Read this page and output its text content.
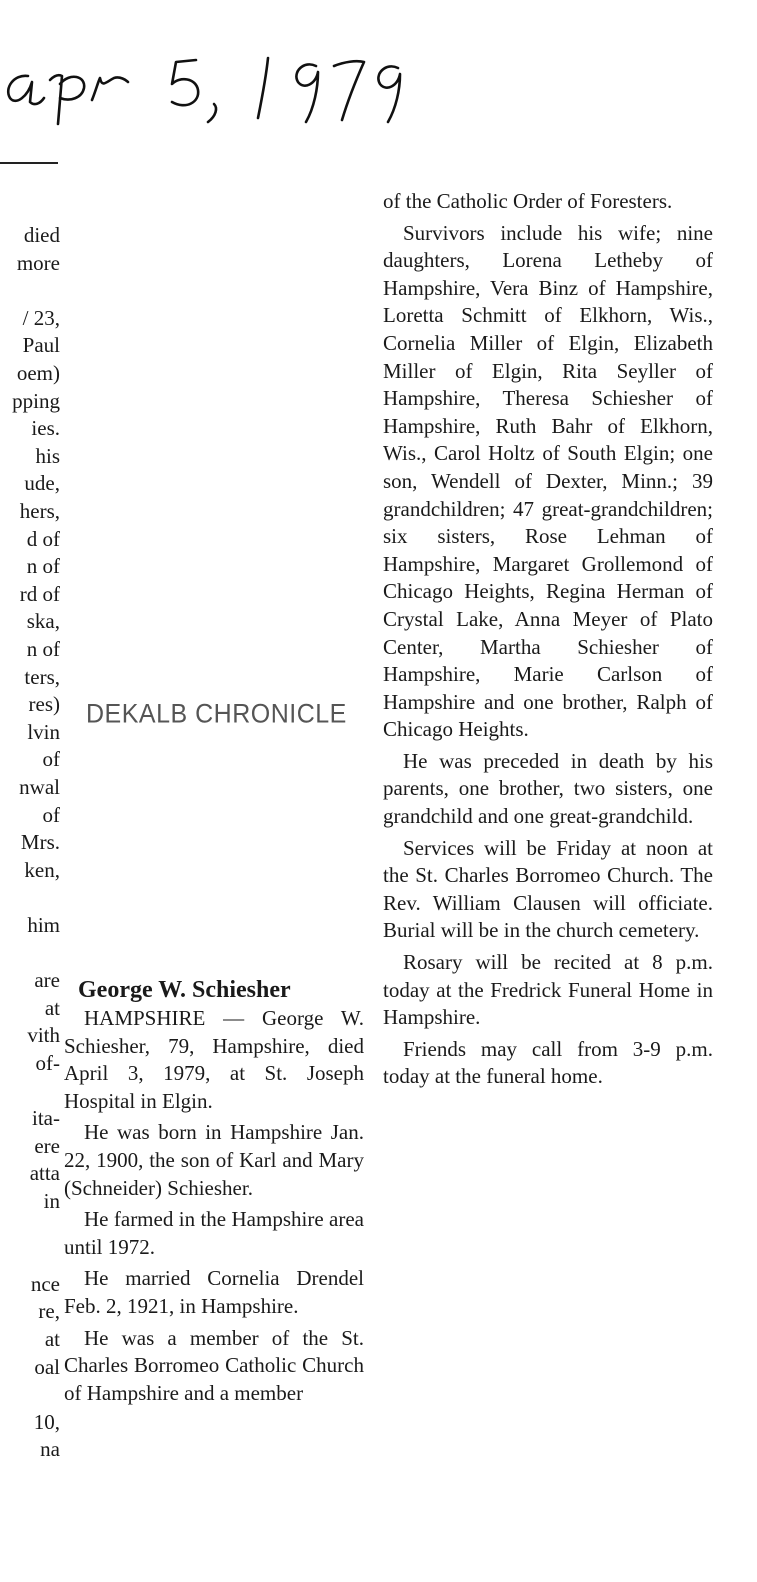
died
more
/ 23,
Paul
oem)
pping
ies.
his
ude,
hers,
d of
n of
rd of
ska,
n of
ters,
res)
lvin
of
nwal
of
Mrs.
ken,
him
are
at
vith
of-
ita-
ere
atta
in
nce
re,
at
oal
10,
na
DEKALB CHRONICLE
George W. Schiesher

HAMPSHIRE — George W. Schiesher, 79, Hampshire, died April 3, 1979, at St. Joseph Hospital in Elgin.

He was born in Hampshire Jan. 22, 1900, the son of Karl and Mary (Schneider) Schiesher.

He farmed in the Hampshire area until 1972.

He married Cornelia Drendel Feb. 2, 1921, in Hampshire.

He was a member of the St. Charles Borromeo Catholic Church of Hampshire and a member

of the Catholic Order of Foresters.

Survivors include his wife; nine daughters, Lorena Letheby of Hampshire, Vera Binz of Hampshire, Loretta Schmitt of Elkhorn, Wis., Cornelia Miller of Elgin, Elizabeth Miller of Elgin, Rita Seyller of Hampshire, Theresa Schiesher of Hampshire, Ruth Bahr of Elkhorn, Wis., Carol Holtz of South Elgin; one son, Wendell of Dexter, Minn.; 39 grandchildren; 47 great-grandchildren; six sisters, Rose Lehman of Hampshire, Margaret Grollemond of Chicago Heights, Regina Herman of Crystal Lake, Anna Meyer of Plato Center, Martha Schiesher of Hampshire, Marie Carlson of Hampshire and one brother, Ralph of Chicago Heights.

He was preceded in death by his parents, one brother, two sisters, one grandchild and one great-grandchild.

Services will be Friday at noon at the St. Charles Borromeo Church. The Rev. William Clausen will officiate. Burial will be in the church cemetery.

Rosary will be recited at 8 p.m. today at the Fredrick Funeral Home in Hampshire.

Friends may call from 3-9 p.m. today at the funeral home.
